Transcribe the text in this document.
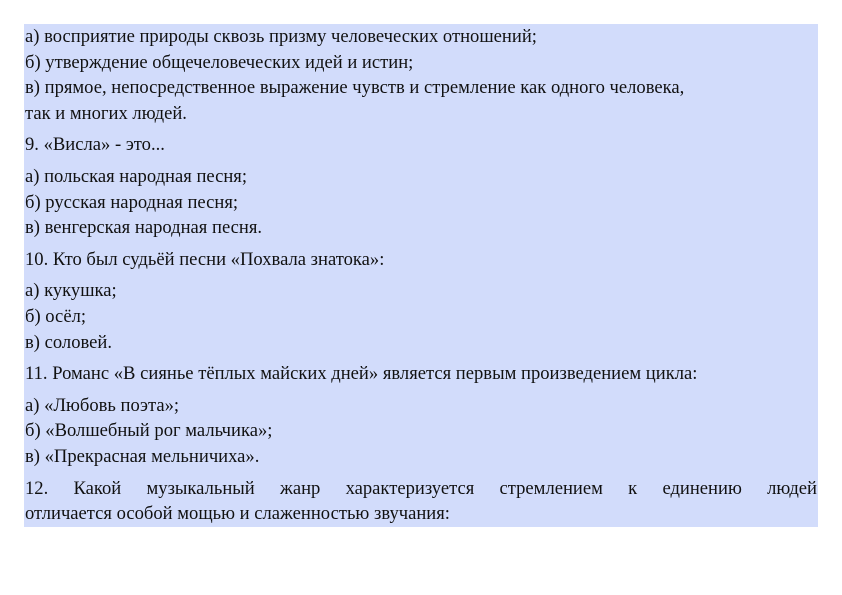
а) восприятие природы сквозь призму человеческих отношений;
б) утверждение общечеловеческих идей и истин;
в) прямое, непосредственное выражение чувств и стремление как одного человека,
так и многих людей.
9. «Висла» - это...
а) польская народная песня;
б) русская народная песня;
в) венгерская народная песня.
10. Кто был судьёй песни «Похвала знатока»:
а) кукушка;
б) осёл;
в) соловей.
11. Романс «В сиянье тёплых майских дней» является первым произведением цикла:
а) «Любовь поэта»;
б) «Волшебный рог мальчика»;
в) «Прекрасная мельничиха».
12. Какой музыкальный жанр характеризуется стремлением к единению людей
отличается особой мощью и слаженностью звучания:
